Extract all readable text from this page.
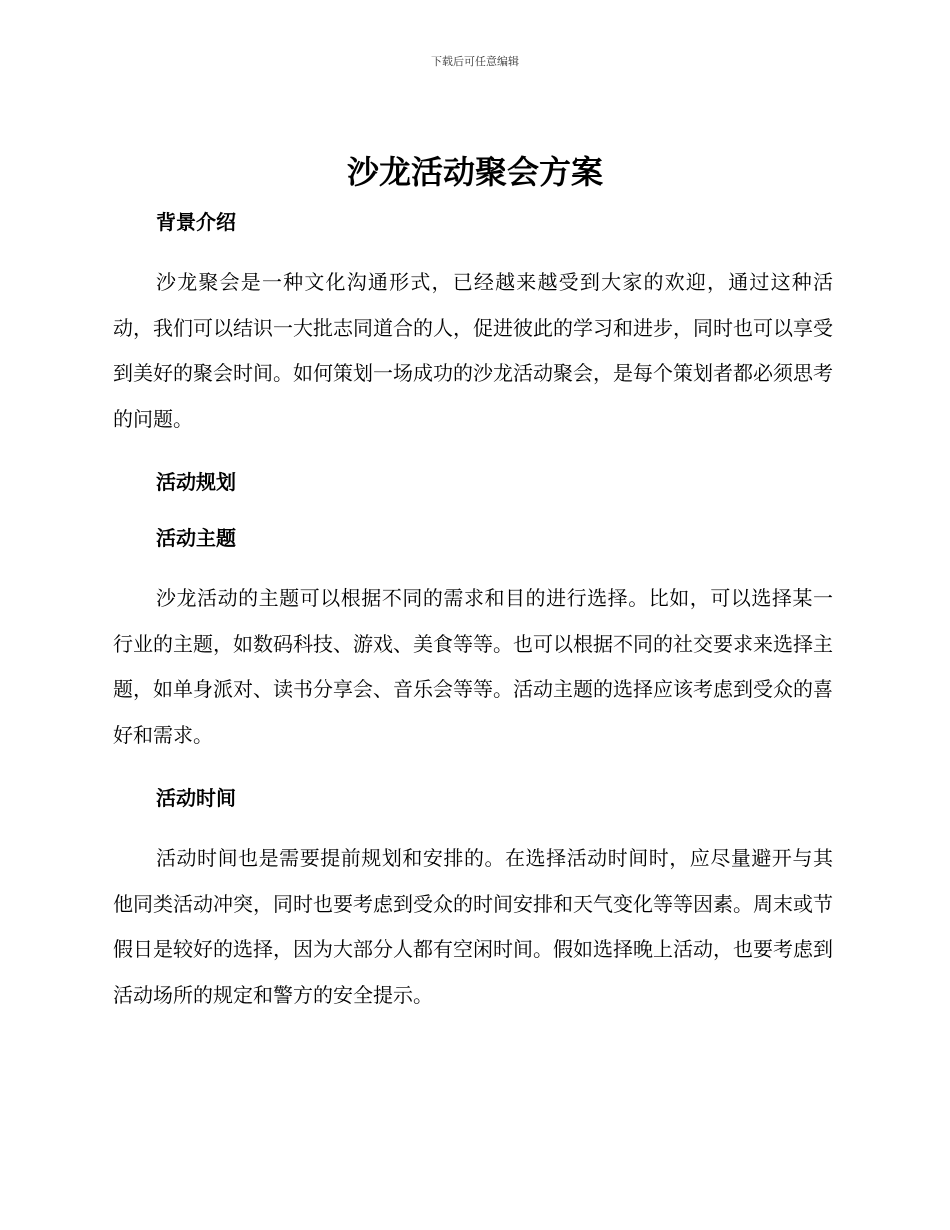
下载后可任意编辑
沙龙活动聚会方案

背景介绍

沙龙聚会是一种文化沟通形式，已经越来越受到大家的欢迎，通过这种活动，我们可以结识一大批志同道合的人，促进彼此的学习和进步，同时也可以享受到美好的聚会时间。如何策划一场成功的沙龙活动聚会，是每个策划者都必须思考的问题。

活动规划

活动主题

沙龙活动的主题可以根据不同的需求和目的进行选择。比如，可以选择某一行业的主题，如数码科技、游戏、美食等等。也可以根据不同的社交要求来选择主题，如单身派对、读书分享会、音乐会等等。活动主题的选择应该考虑到受众的喜好和需求。

活动时间

活动时间也是需要提前规划和安排的。在选择活动时间时，应尽量避开与其他同类活动冲突，同时也要考虑到受众的时间安排和天气变化等等因素。周末或节假日是较好的选择，因为大部分人都有空闲时间。假如选择晚上活动，也要考虑到活动场所的规定和警方的安全提示。
